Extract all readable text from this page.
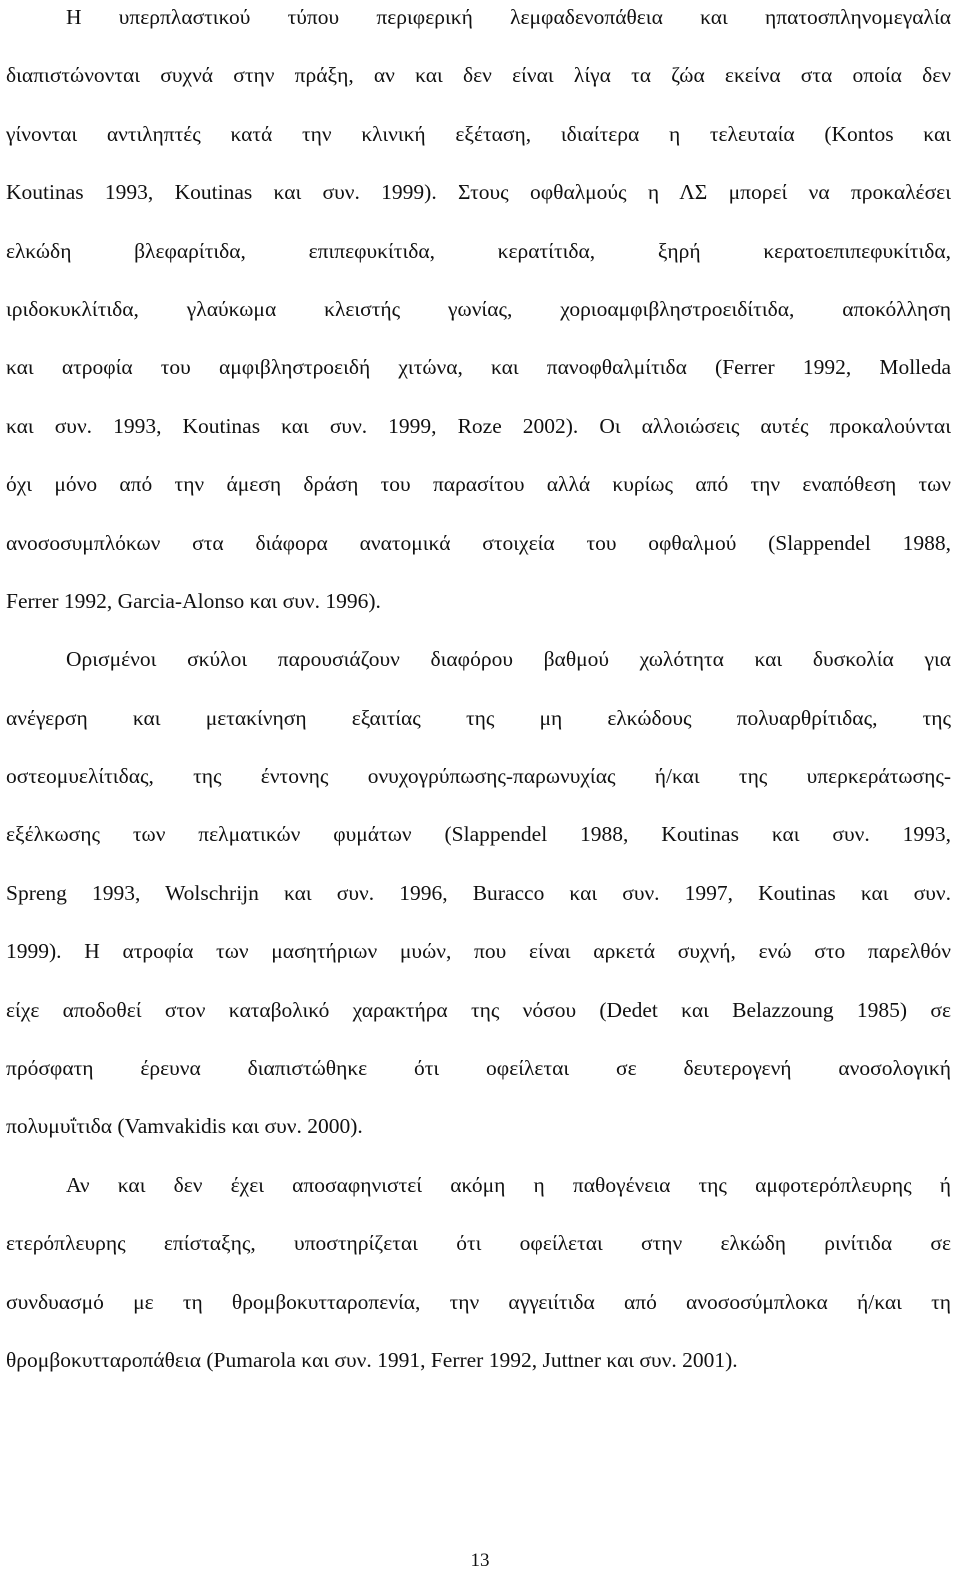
Η υπερπλαστικού τύπου περιφερική λεμφαδενοπάθεια και ηπατοσπληνομεγαλία
διαπιστώνονται συχνά στην πράξη, αν και δεν είναι λίγα τα ζώα εκείνα στα οποία δεν
γίνονται αντιληπτές κατά την κλινική εξέταση, ιδιαίτερα η τελευταία (Kontos και
Koutinas 1993, Koutinas και συν. 1999). Στους οφθαλμούς η ΛΣ μπορεί να προκαλέσει
ελκώδη βλεφαρίτιδα, επιπεφυκίτιδα, κερατίτιδα, ξηρή κερατοεπιπεφυκίτιδα,
ιριδοκυκλίτιδα, γλαύκωμα κλειστής γωνίας, χοριοαμφιβληστροειδίτιδα, αποκόλληση
και ατροφία του αμφιβληστροειδή χιτώνα, και πανοφθαλμίτιδα (Ferrer 1992, Molleda
και συν. 1993, Koutinas και συν. 1999, Roze 2002). Οι αλλοιώσεις αυτές προκαλούνται
όχι μόνο από την άμεση δράση του παρασίτου αλλά κυρίως από την εναπόθεση των
ανοσοσυμπλόκων στα διάφορα ανατομικά στοιχεία του οφθαλμού (Slappendel 1988,
Ferrer 1992, Garcia-Alonso και συν. 1996).
Ορισμένοι σκύλοι παρουσιάζουν διαφόρου βαθμού χωλότητα και δυσκολία για
ανέγερση και μετακίνηση εξαιτίας της μη ελκώδους πολυαρθρίτιδας, της
οστεομυελίτιδας, της έντονης ονυχογρύπωσης-παρωνυχίας ή/και της υπερκεράτωσης-
εξέλκωσης των πελματικών φυμάτων (Slappendel 1988, Koutinas και συν. 1993,
Spreng 1993, Wolschrijn και συν. 1996, Buracco και συν. 1997, Koutinas και συν.
1999). Η ατροφία των μασητήριων μυών, που είναι αρκετά συχνή, ενώ στο παρελθόν
είχε αποδοθεί στον καταβολικό χαρακτήρα της νόσου (Dedet και Belazzoung 1985) σε
πρόσφατη έρευνα διαπιστώθηκε ότι οφείλεται σε δευτερογενή ανοσολογική
πολυμυΐτιδα (Vamvakidis και συν. 2000).
Αν και δεν έχει αποσαφηνιστεί ακόμη η παθογένεια της αμφοτερόπλευρης ή
ετερόπλευρης επίσταξης, υποστηρίζεται ότι οφείλεται στην ελκώδη ρινίτιδα σε
συνδυασμό με τη θρομβοκυτταροπενία, την αγγειίτιδα από ανοσοσύμπλοκα ή/και τη
θρομβοκυτταροπάθεια (Pumarola και συν. 1991, Ferrer 1992, Juttner και συν. 2001).
13
